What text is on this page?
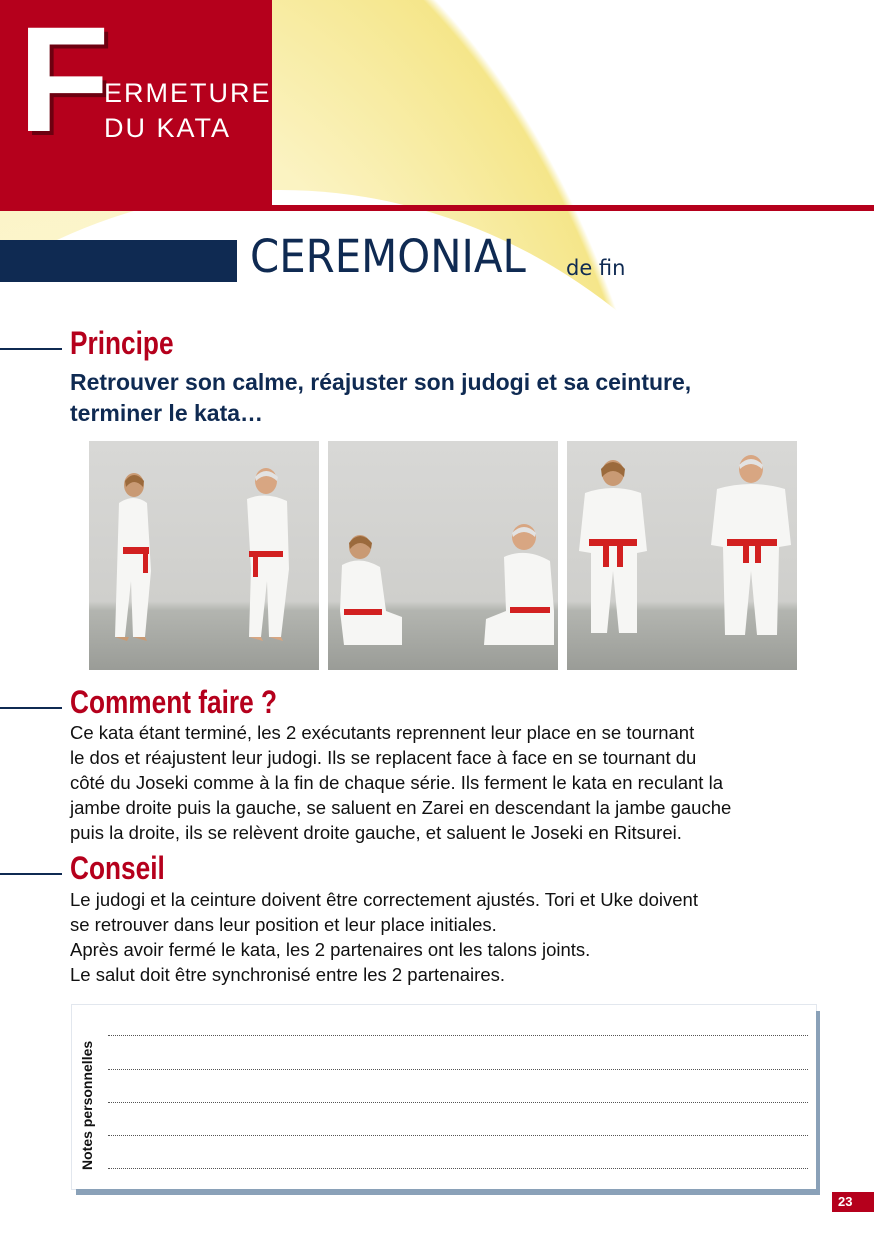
F
ERMETURE
DU KATA
CEREMONIAL de fin
Principe
Retrouver son calme, réajuster son judogi et sa ceinture,
terminer le kata…
Comment faire ?

Ce kata étant terminé, les 2 exécutants reprennent leur place en se tournant

le dos et réajustent leur judogi. Ils se replacent face à face en se tournant du

côté du Joseki comme à la fin de chaque série. Ils ferment le kata en reculant la

jambe droite puis la gauche, se saluent en Zarei en descendant la jambe gauche

puis la droite, ils se relèvent droite gauche, et saluent le Joseki en Ritsurei.

Conseil

Le judogi et la ceinture doivent être correctement ajustés. Tori et Uke doivent

se retrouver dans leur position et leur place initiales.

Après avoir fermé le kata, les 2 partenaires ont les talons joints.

Le salut doit être synchronisé entre les 2 partenaires.

Notes personnelles
23
